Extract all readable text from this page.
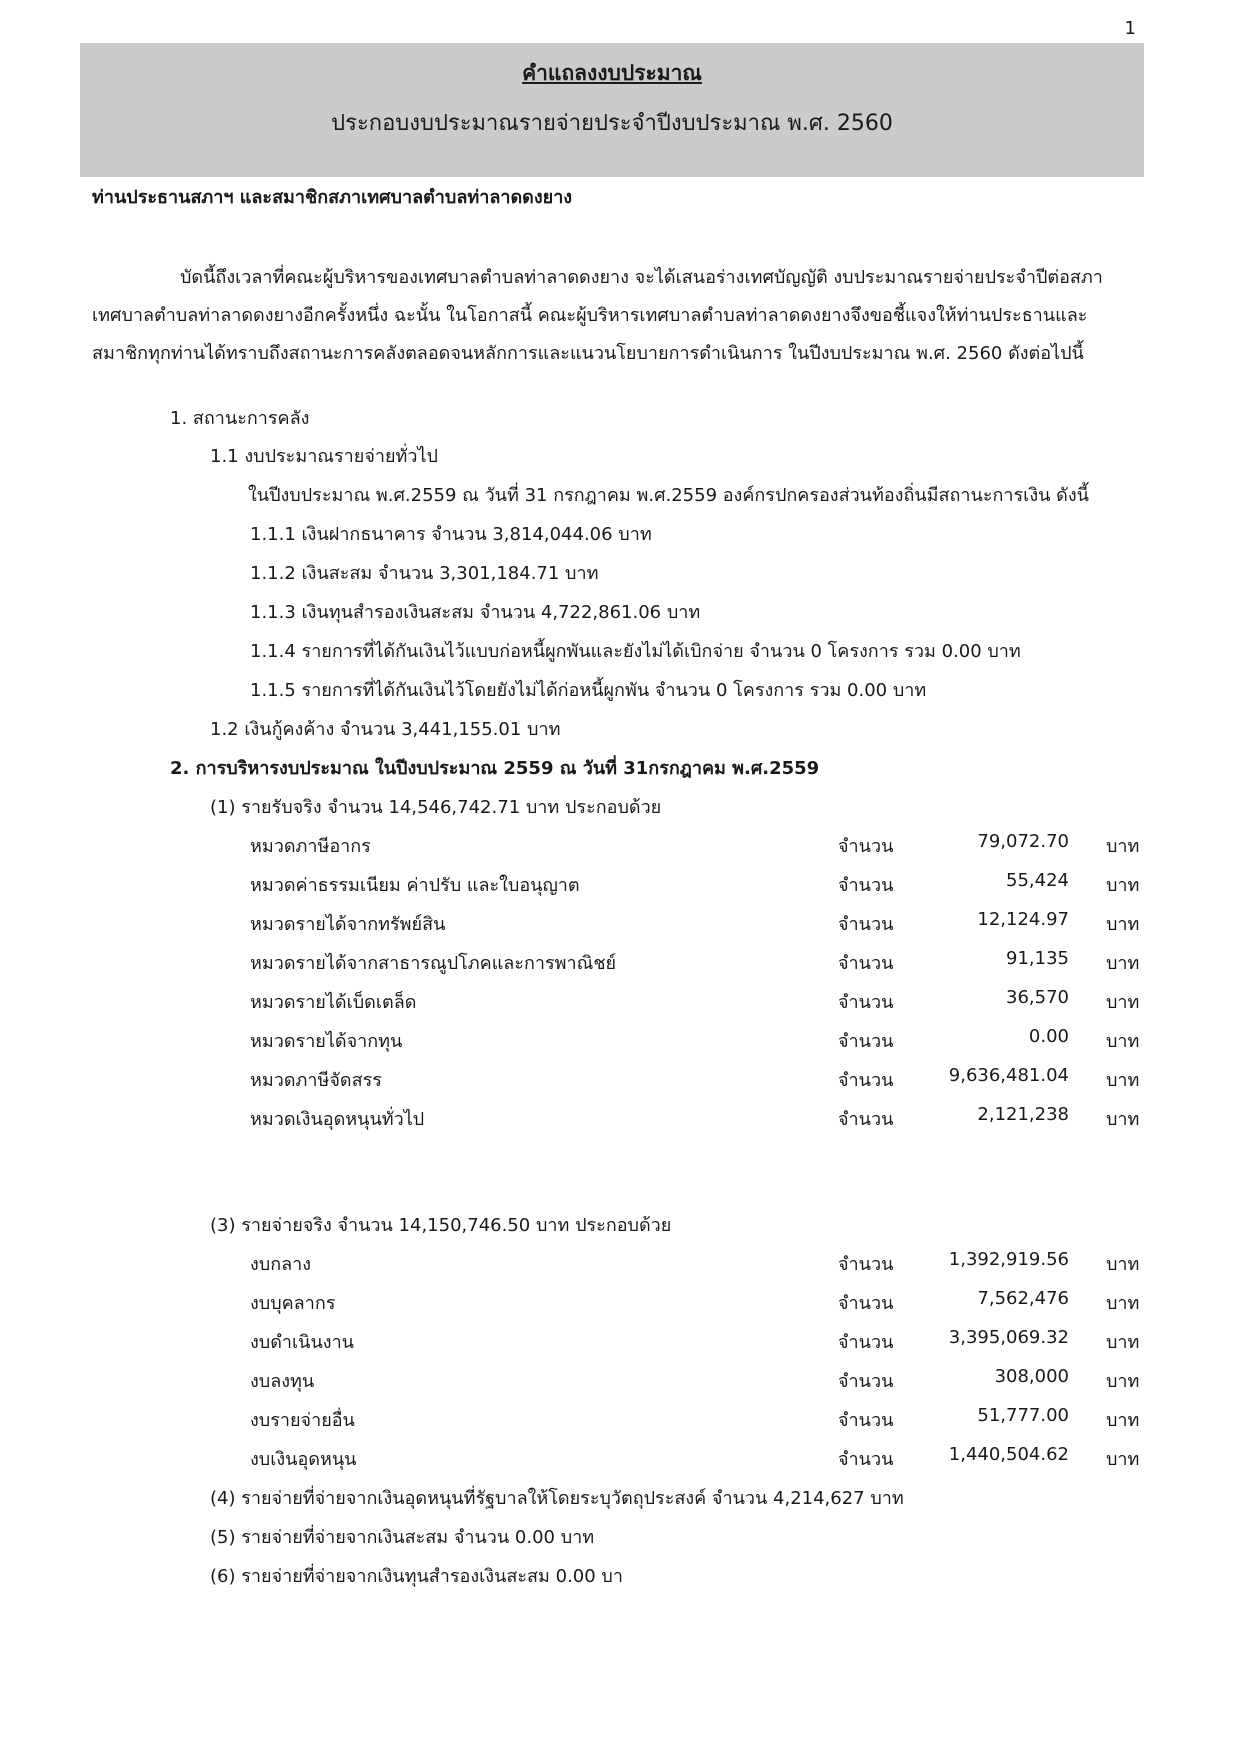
1
คำแถลงงบประมาณ
ประกอบงบประมาณรายจ่ายประจำปีงบประมาณ พ.ศ. 2560
ท่านประธานสภาฯ และสมาชิกสภาเทศบาลตำบลท่าลาดดงยาง
บัดนี้ถึงเวลาที่คณะผู้บริหารของเทศบาลตำบลท่าลาดดงยาง จะได้เสนอร่างเทศบัญญัติ งบประมาณรายจ่ายประจำปีต่อสภา
เทศบาลตำบลท่าลาดดงยางอีกครั้งหนึ่ง ฉะนั้น ในโอกาสนี้ คณะผู้บริหารเทศบาลตำบลท่าลาดดงยางจึงขอชี้แจงให้ท่านประธานและ
สมาชิกทุกท่านได้ทราบถึงสถานะการคลังตลอดจนหลักการและแนวนโยบายการดำเนินการ ในปีงบประมาณ พ.ศ. 2560 ดังต่อไปนี้
1. สถานะการคลัง
1.1 งบประมาณรายจ่ายทั่วไป
ในปีงบประมาณ พ.ศ.2559 ณ วันที่ 31 กรกฎาคม พ.ศ.2559 องค์กรปกครองส่วนท้องถิ่นมีสถานะการเงิน ดังนี้
1.1.1 เงินฝากธนาคาร จำนวน 3,814,044.06 บาท
1.1.2 เงินสะสม จำนวน 3,301,184.71 บาท
1.1.3 เงินทุนสำรองเงินสะสม จำนวน 4,722,861.06 บาท
1.1.4 รายการที่ได้กันเงินไว้แบบก่อหนี้ผูกพันและยังไม่ได้เบิกจ่าย จำนวน 0 โครงการ รวม 0.00 บาท
1.1.5 รายการที่ได้กันเงินไว้โดยยังไม่ได้ก่อหนี้ผูกพัน จำนวน 0 โครงการ รวม 0.00 บาท
1.2 เงินกู้คงค้าง จำนวน 3,441,155.01 บาท
2. การบริหารงบประมาณ ในปีงบประมาณ 2559 ณ วันที่ 31กรกฎาคม พ.ศ.2559
(1) รายรับจริง จำนวน 14,546,742.71 บาท ประกอบด้วย
หมวดภาษีอากร	จำนวน	79,072.70 บาท
หมวดค่าธรรมเนียม ค่าปรับ และใบอนุญาต	จำนวน	55,424 บาท
หมวดรายได้จากทรัพย์สิน	จำนวน	12,124.97 บาท
หมวดรายได้จากสาธารณูปโภคและการพาณิชย์	จำนวน	91,135 บาท
หมวดรายได้เบ็ดเตล็ด	จำนวน	36,570 บาท
หมวดรายได้จากทุน	จำนวน	0.00 บาท
หมวดภาษีจัดสรร	จำนวน	9,636,481.04 บาท
หมวดเงินอุดหนุนทั่วไป	จำนวน	2,121,238 บาท
(3) รายจ่ายจริง จำนวน 14,150,746.50 บาท ประกอบด้วย
งบกลาง	จำนวน	1,392,919.56 บาท
งบบุคลากร	จำนวน	7,562,476 บาท
งบดำเนินงาน	จำนวน	3,395,069.32 บาท
งบลงทุน	จำนวน	308,000 บาท
งบรายจ่ายอื่น	จำนวน	51,777.00 บาท
งบเงินอุดหนุน	จำนวน	1,440,504.62 บาท
(4) รายจ่ายที่จ่ายจากเงินอุดหนุนที่รัฐบาลให้โดยระบุวัตถุประสงค์ จำนวน 4,214,627 บาท
(5) รายจ่ายที่จ่ายจากเงินสะสม จำนวน 0.00 บาท
(6) รายจ่ายที่จ่ายจากเงินทุนสำรองเงินสะสม 0.00 บา
